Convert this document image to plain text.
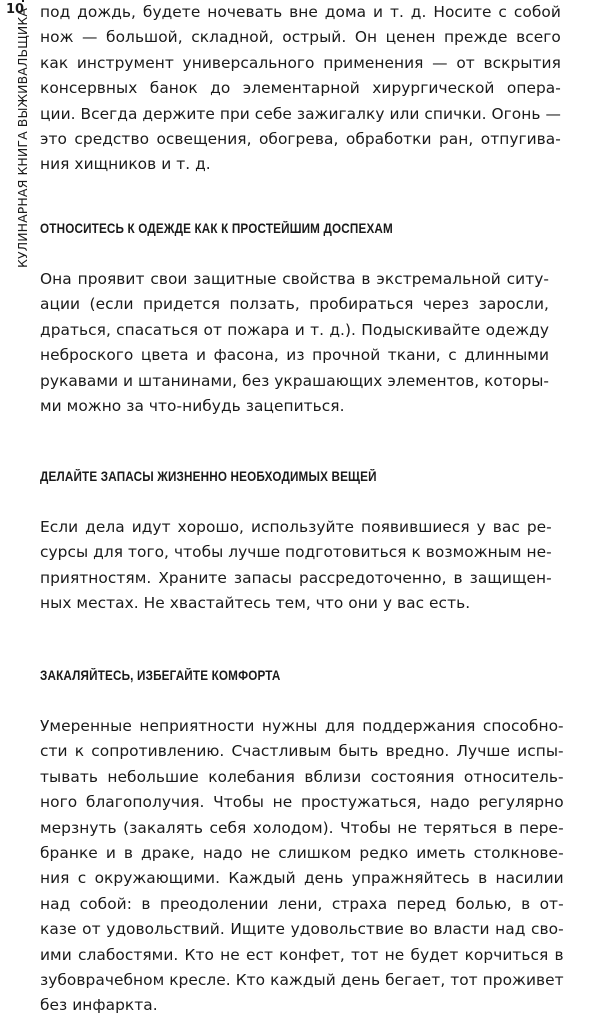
10
КУЛИНАРНАЯ КНИГА ВЫЖИВАЛЬЩИКА под дождь, будете ночевать вне дома и т. д. Носите с собой
нож — большой, складной, острый. Он ценен прежде всего
как инструмент универсального применения — от вскрытия
консервных банок до элементарной хирургической опера-
ции. Всегда держите при себе зажигалку или спички. Огонь —
это средство освещения, обогрева, обработки ран, отпугива-
ния хищников и т. д.
ОТНОСИТЕСЬ К ОДЕЖДЕ КАК К ПРОСТЕЙШИМ ДОСПЕХАМ
Она проявит свои защитные свойства в экстремальной ситу-
ации (если придется ползать, пробираться через заросли,
драться, спасаться от пожара и т. д.). Подыскивайте одежду
неброского цвета и фасона, из прочной ткани, с длинными
рукавами и штанинами, без украшающих элементов, которы-
ми можно за что-нибудь зацепиться.
ДЕЛАЙТЕ ЗАПАСЫ ЖИЗНЕННО НЕОБХОДИМЫХ ВЕЩЕЙ
Если дела идут хорошо, используйте появившиеся у вас ре-
сурсы для того, чтобы лучше подготовиться к возможным не-
приятностям. Храните запасы рассредоточенно, в защищен-
ных местах. Не хвастайтесь тем, что они у вас есть.
ЗАКАЛЯЙТЕСЬ, ИЗБЕГАЙТЕ КОМФОРТА
Умеренные неприятности нужны для поддержания способно-
сти к сопротивлению. Счастливым быть вредно. Лучше испы-
тывать небольшие колебания вблизи состояния относитель-
ного благополучия. Чтобы не простужаться, надо регулярно
мерзнуть (закалять себя холодом). Чтобы не теряться в пере-
бранке и в драке, надо не слишком редко иметь столкнове-
ния с окружающими. Каждый день упражняйтесь в насилии
над собой: в преодолении лени, страха перед болью, в от-
казе от удовольствий. Ищите удовольствие во власти над сво-
ими слабостями. Кто не ест конфет, тот не будет корчиться в
зубоврачебном кресле. Кто каждый день бегает, тот проживет
без инфаркта.
